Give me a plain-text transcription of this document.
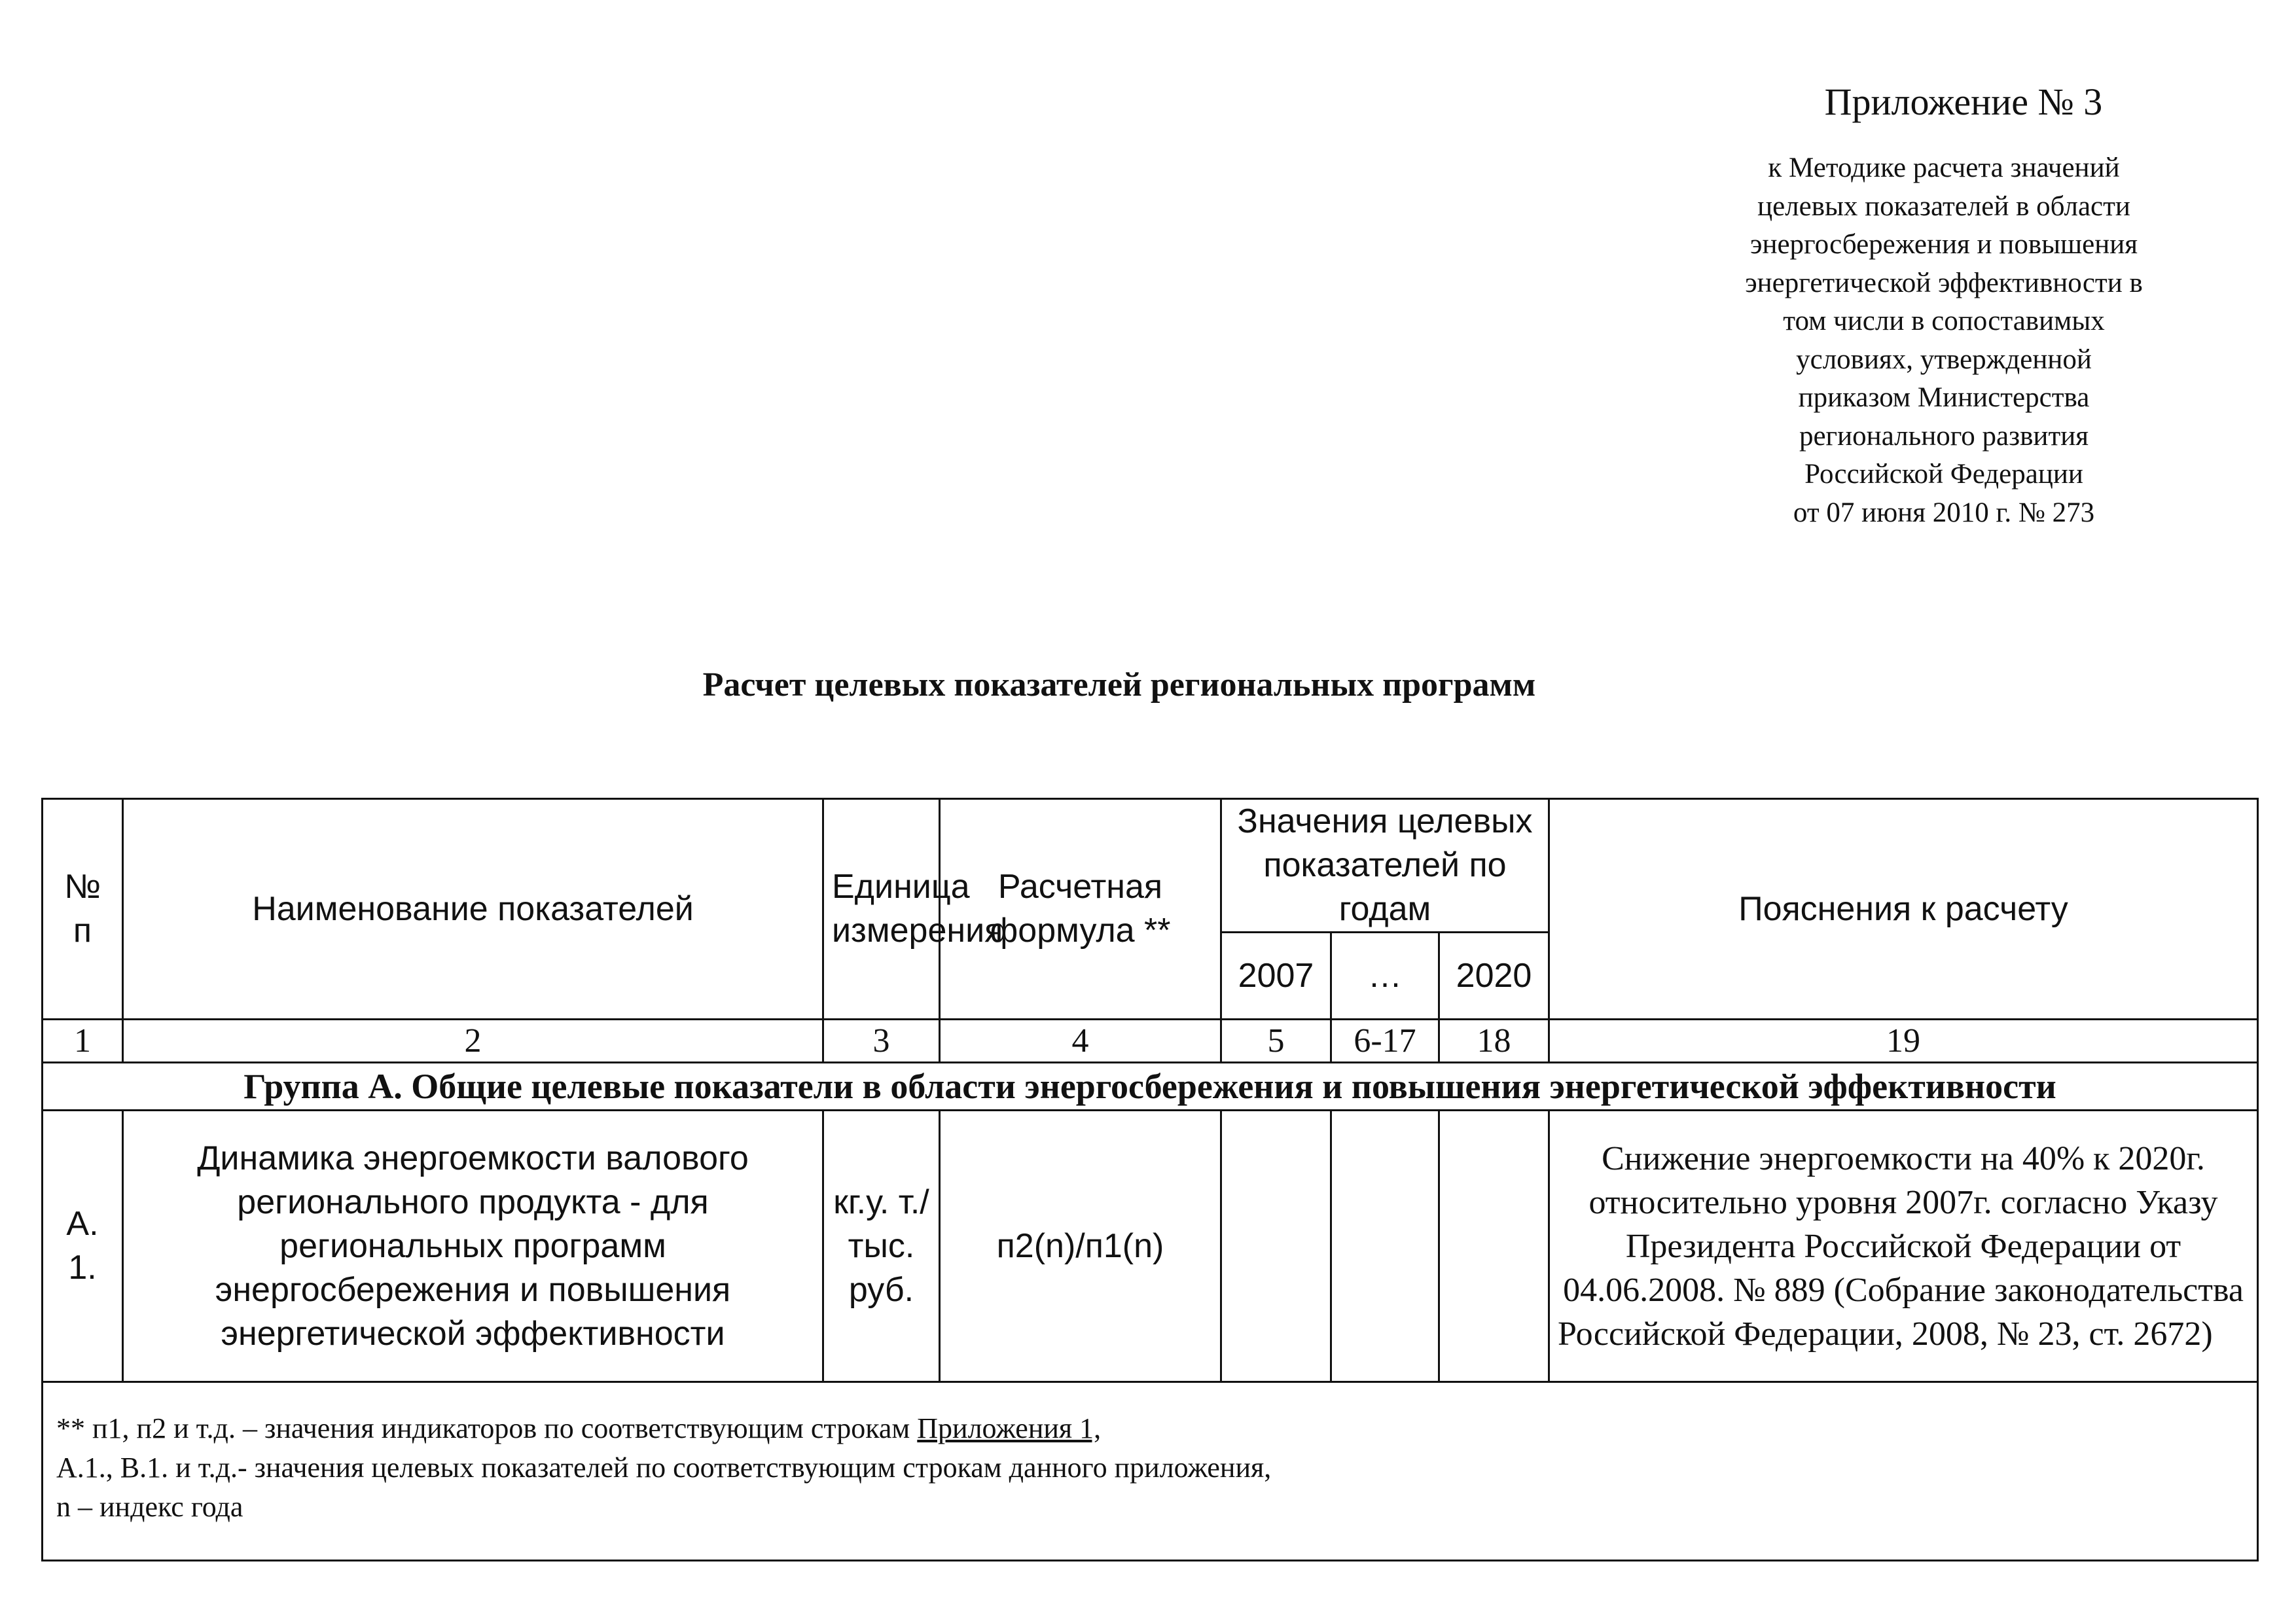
Приложение № 3
к Методике расчета значений
целевых показателей в области
энергосбережения и повышения
энергетической эффективности в
том числи в сопоставимых
условиях, утвержденной
приказом Министерства
регионального развития
Российской Федерации
от 07 июня 2010 г. № 273
Расчет целевых показателей региональных программ
№ п	Наименование показателей	Единица измерения	Расчетная формула **	Значения целевых показателей по годам			Пояснения к расчету
				2007	…	2020	
1	2	3	4	5	6-17	18	19
Группа А. Общие целевые показатели в области энергосбережения и повышения энергетической эффективности							
А. 1.	Динамика энергоемкости валового регионального продукта - для региональных программ энергосбережения и повышения энергетической эффективности	кг.у. т./ тыс. руб.	п2(n)/п1(n)				Снижение энергоемкости на 40% к 2020г. относительно уровня 2007г. согласно Указу Президента Российской Федерации от 04.06.2008. № 889 (Собрание законодательства Российской Федерации, 2008, № 23, ст. 2672)

** п1, п2 и т.д. – значения индикаторов по соответствующим строкам Приложения 1,
А.1., В.1. и т.д.- значения целевых показателей по соответствующим строкам данного приложения,
n – индекс года							
